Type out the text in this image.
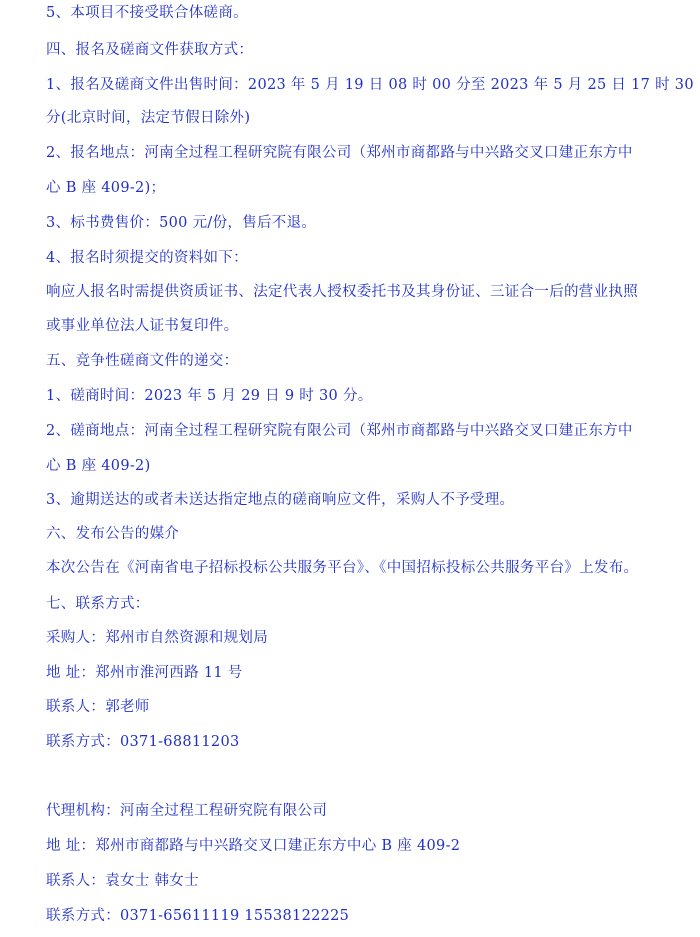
5、本项目不接受联合体磋商。
四、报名及磋商文件获取方式：
1、报名及磋商文件出售时间：2023 年 5 月 19 日 08 时 00 分至 2023 年 5 月 25 日 17 时 30
分(北京时间，法定节假日除外)
2、报名地点：河南全过程工程研究院有限公司（郑州市商都路与中兴路交叉口建正东方中
心 B 座 409-2)；
3、标书费售价：500 元/份，售后不退。
4、报名时须提交的资料如下：
响应人报名时需提供资质证书、法定代表人授权委托书及其身份证、三证合一后的营业执照
或事业单位法人证书复印件。
五、竞争性磋商文件的递交：
1、磋商时间：2023 年 5 月 29 日 9 时 30 分。
2、磋商地点：河南全过程工程研究院有限公司（郑州市商都路与中兴路交叉口建正东方中
心 B 座 409-2)
3、逾期送达的或者未送达指定地点的磋商响应文件，采购人不予受理。
六、发布公告的媒介
本次公告在《河南省电子招标投标公共服务平台》、《中国招标投标公共服务平台》上发布。
七、联系方式：
采购人：郑州市自然资源和规划局
地 址：郑州市淮河西路 11 号
联系人：郭老师
联系方式：0371-68811203
代理机构：河南全过程工程研究院有限公司
地 址：郑州市商都路与中兴路交叉口建正东方中心 B 座 409-2
联系人：袁女士 韩女士
联系方式：0371-65611119 15538122225
